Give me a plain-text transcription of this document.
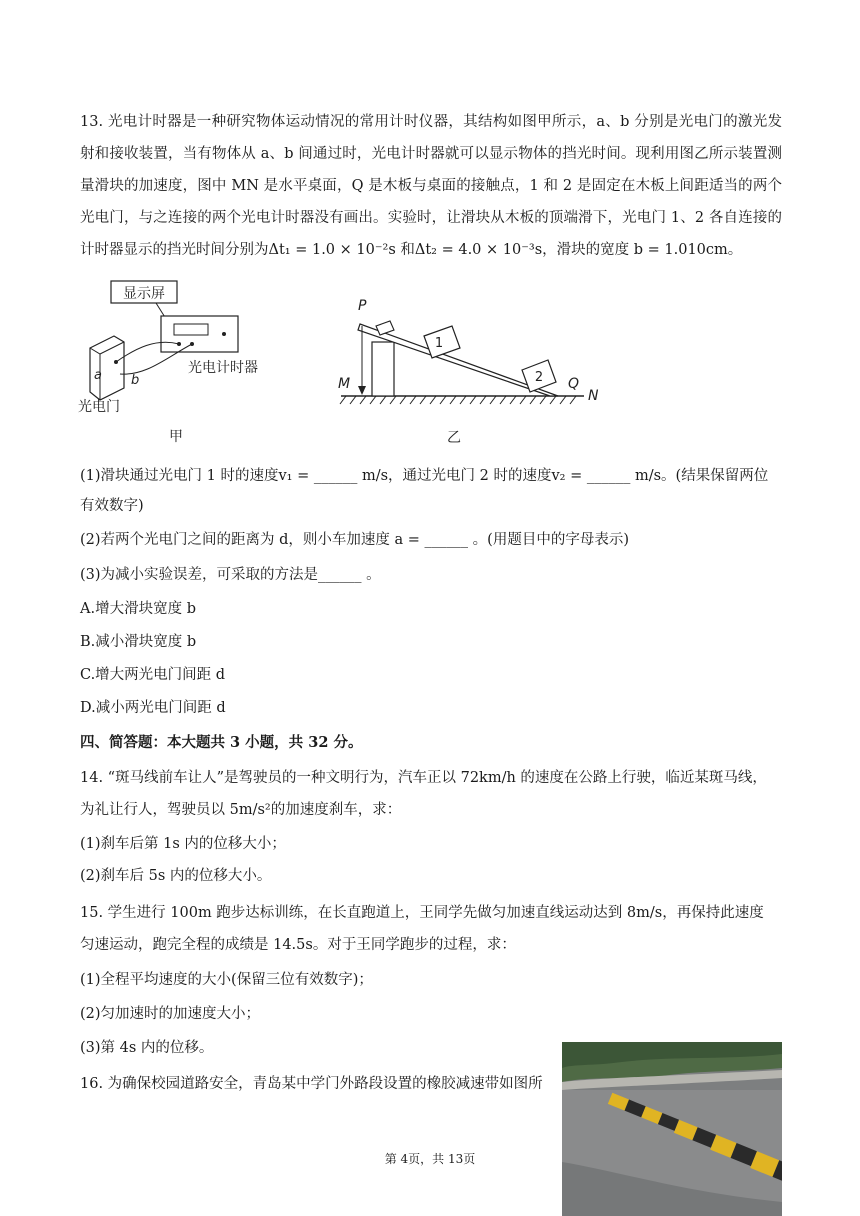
13. 光电计时器是一种研究物体运动情况的常用计时仪器，其结构如图甲所示，a、b 分别是光电门的激光发射和接收装置，当有物体从 a、b 间通过时，光电计时器就可以显示物体的挡光时间。现利用图乙所示装置测量滑块的加速度，图中 MN 是水平桌面，Q 是木板与桌面的接触点，1 和 2 是固定在木板上间距适当的两个光电门，与之连接的两个光电计时器没有画出。实验时，让滑块从木板的顶端滑下，光电门 1、2 各自连接的计时器显示的挡光时间分别为Δt₁ = 1.0 × 10⁻²s 和Δt₂ = 4.0 × 10⁻³s，滑块的宽度 b = 1.010cm。
显示屏
a b
光电计时器
光电门
甲
1
2
P
M	Q
N
乙
(1)滑块通过光电门 1 时的速度v₁ = ______ m/s，通过光电门 2 时的速度v₂ = ______ m/s。(结果保留两位
有效数字)
(2)若两个光电门之间的距离为 d，则小车加速度 a = ______ 。(用题目中的字母表示)
(3)为减小实验误差，可采取的方法是______ 。
A.增大滑块宽度 b
B.减小滑块宽度 b
C.增大两光电门间距 d
D.减小两光电门间距 d
四、简答题：本大题共 3 小题，共 32 分。
14. “斑马线前车让人”是驾驶员的一种文明行为，汽车正以 72km/h 的速度在公路上行驶，临近某斑马线，
为礼让行人，驾驶员以 5m/s²的加速度刹车，求：
(1)刹车后第 1s 内的位移大小；
(2)刹车后 5s 内的位移大小。
15. 学生进行 100m 跑步达标训练，在长直跑道上，王同学先做匀加速直线运动达到 8m/s，再保持此速度
匀速运动，跑完全程的成绩是 14.5s。对于王同学跑步的过程，求：
(1)全程平均速度的大小(保留三位有效数字)；
(2)匀加速时的加速度大小；
(3)第 4s 内的位移。
16. 为确保校园道路安全，青岛某中学门外路段设置的橡胶减速带如图所
第 4页，共 13页
